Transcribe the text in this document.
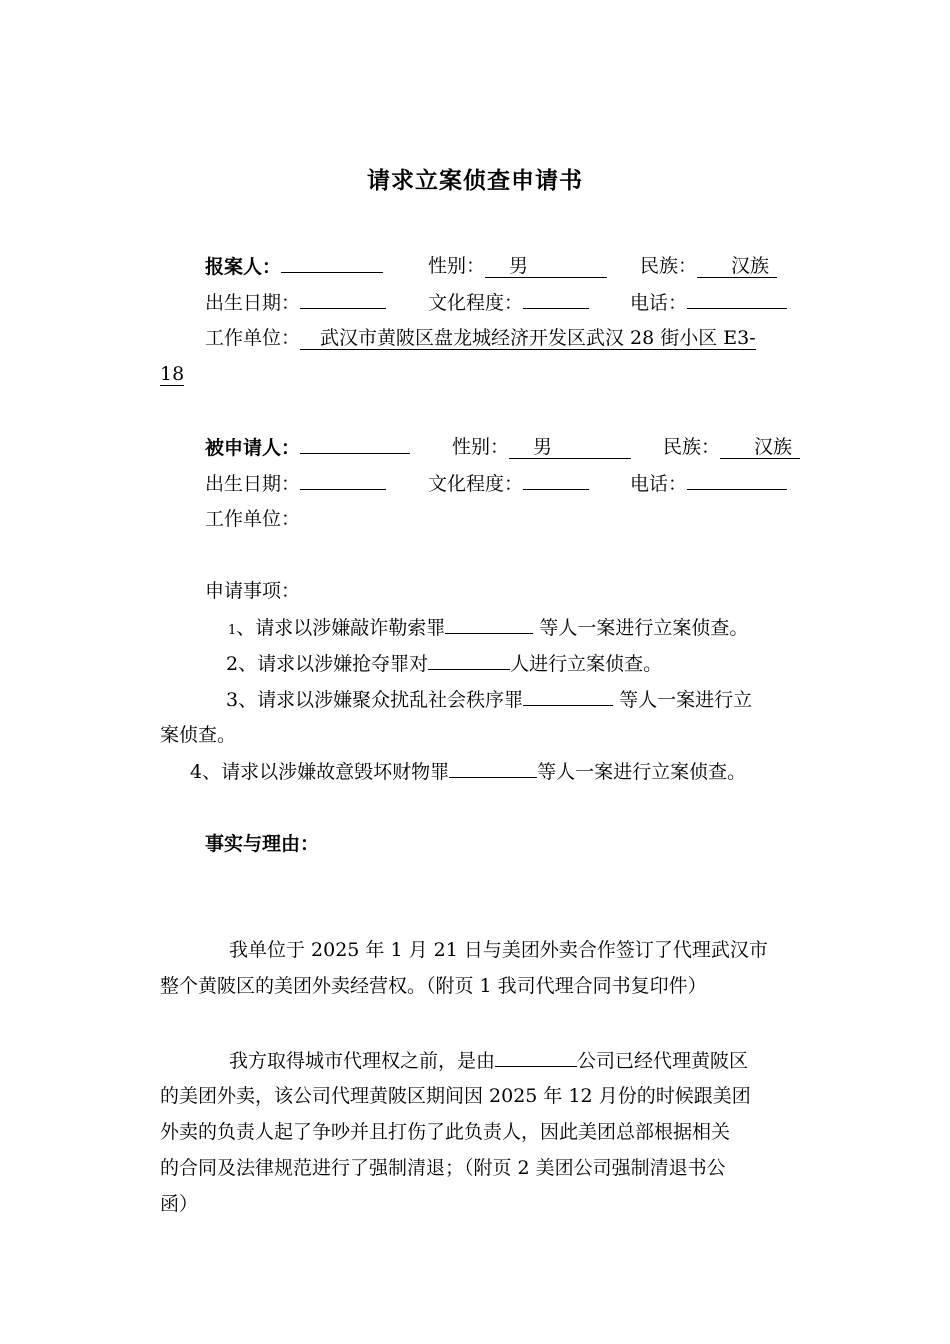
请求立案侦查申请书
报案人：	性别： 男	民族： 汉族
出生日期：	文化程度：	电话：
工作单位： 武汉市黄陂区盘龙城经济开发区武汉 28 街小区 E3-
18
被申请人：	性别： 男	民族： 汉族
出生日期：	文化程度：	电话：
工作单位：
申请事项：
1、请求以涉嫌敲诈勒索罪	等人一案进行立案侦查。
2、请求以涉嫌抢夺罪对	人进行立案侦查。
3、请求以涉嫌聚众扰乱社会秩序罪	等人一案进行立
案侦查。
4、请求以涉嫌故意毁坏财物罪	等人一案进行立案侦查。
事实与理由：
我单位于 2025 年 1 月 21 日与美团外卖合作签订了代理武汉市
整个黄陂区的美团外卖经营权。（附页 1 我司代理合同书复印件）
我方取得城市代理权之前，是由	公司已经代理黄陂区
的美团外卖，该公司代理黄陂区期间因 2025 年 12 月份的时候跟美团
外卖的负责人起了争吵并且打伤了此负责人，因此美团总部根据相关
的合同及法律规范进行了强制清退；（附页 2 美团公司强制清退书公
函）
